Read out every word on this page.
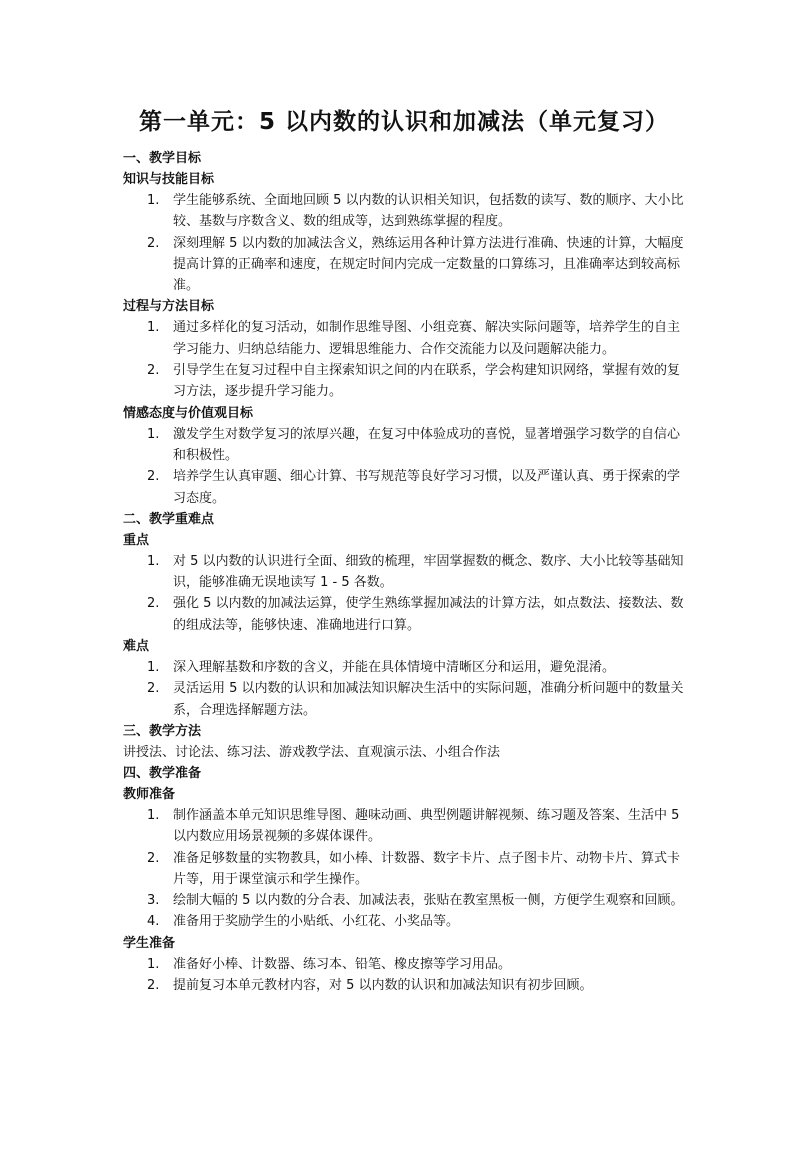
第一单元：5 以内数的认识和加减法（单元复习）
一、教学目标
知识与技能目标
1. 学生能够系统、全面地回顾 5 以内数的认识相关知识，包括数的读写、数的顺序、大小比较、基数与序数含义、数的组成等，达到熟练掌握的程度。
2. 深刻理解 5 以内数的加减法含义，熟练运用各种计算方法进行准确、快速的计算，大幅度提高计算的正确率和速度，在规定时间内完成一定数量的口算练习，且准确率达到较高标准。
过程与方法目标
1. 通过多样化的复习活动，如制作思维导图、小组竞赛、解决实际问题等，培养学生的自主学习能力、归纳总结能力、逻辑思维能力、合作交流能力以及问题解决能力。
2. 引导学生在复习过程中自主探索知识之间的内在联系，学会构建知识网络，掌握有效的复习方法，逐步提升学习能力。
情感态度与价值观目标
1. 激发学生对数学复习的浓厚兴趣，在复习中体验成功的喜悦，显著增强学习数学的自信心和积极性。
2. 培养学生认真审题、细心计算、书写规范等良好学习习惯，以及严谨认真、勇于探索的学习态度。
二、教学重难点
重点
1. 对 5 以内数的认识进行全面、细致的梳理，牢固掌握数的概念、数序、大小比较等基础知识，能够准确无误地读写 1 - 5 各数。
2. 强化 5 以内数的加减法运算，使学生熟练掌握加减法的计算方法，如点数法、接数法、数的组成法等，能够快速、准确地进行口算。
难点
1. 深入理解基数和序数的含义，并能在具体情境中清晰区分和运用，避免混淆。
2. 灵活运用 5 以内数的认识和加减法知识解决生活中的实际问题，准确分析问题中的数量关系，合理选择解题方法。
三、教学方法
讲授法、讨论法、练习法、游戏教学法、直观演示法、小组合作法
四、教学准备
教师准备
1. 制作涵盖本单元知识思维导图、趣味动画、典型例题讲解视频、练习题及答案、生活中 5 以内数应用场景视频的多媒体课件。
2. 准备足够数量的实物教具，如小棒、计数器、数字卡片、点子图卡片、动物卡片、算式卡片等，用于课堂演示和学生操作。
3. 绘制大幅的 5 以内数的分合表、加减法表，张贴在教室黑板一侧，方便学生观察和回顾。
4. 准备用于奖励学生的小贴纸、小红花、小奖品等。
学生准备
1. 准备好小棒、计数器、练习本、铅笔、橡皮擦等学习用品。
2. 提前复习本单元教材内容，对 5 以内数的认识和加减法知识有初步回顾。
